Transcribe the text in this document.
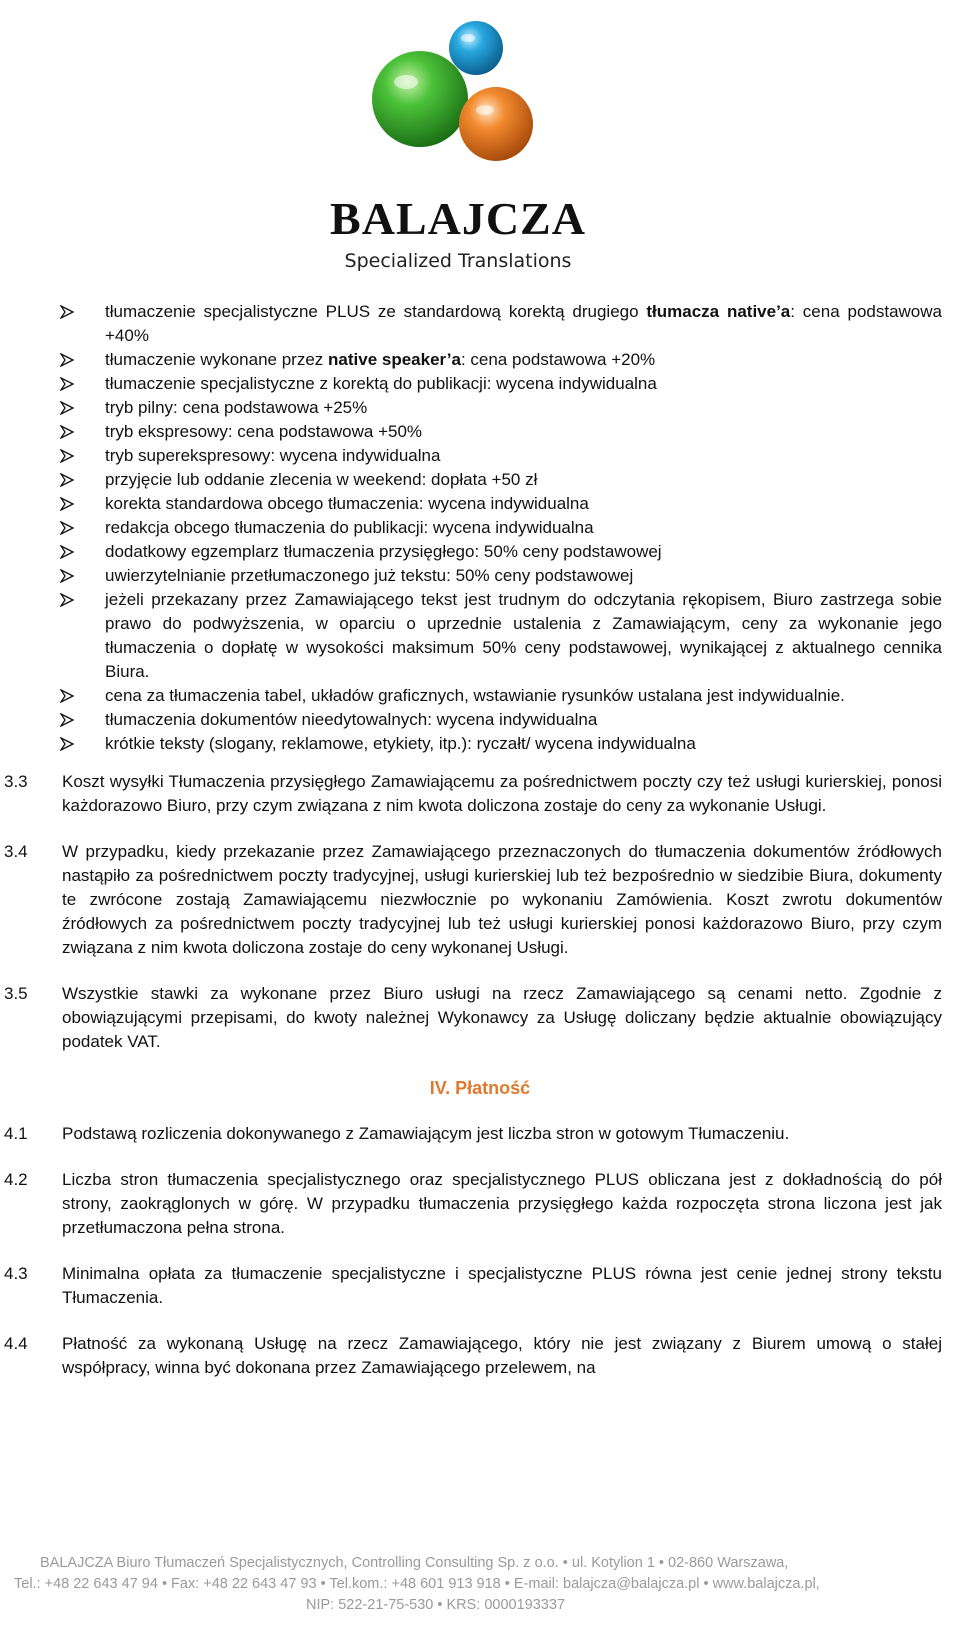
BALAJCZA
Specialized Translations
tłumaczenie specjalistyczne PLUS ze standardową korektą drugiego tłumacza native’a: cena podstawowa +40%
tłumaczenie wykonane przez native speaker’a: cena podstawowa +20%
tłumaczenie specjalistyczne z korektą do publikacji: wycena indywidualna
tryb pilny: cena podstawowa +25%
tryb ekspresowy: cena podstawowa +50%
tryb superekspresowy: wycena indywidualna
przyjęcie lub oddanie zlecenia w weekend: dopłata +50 zł
korekta standardowa obcego tłumaczenia: wycena indywidualna
redakcja obcego tłumaczenia do publikacji: wycena indywidualna
dodatkowy egzemplarz tłumaczenia przysięgłego: 50% ceny podstawowej
uwierzytelnianie przetłumaczonego już tekstu: 50% ceny podstawowej
jeżeli przekazany przez Zamawiającego tekst jest trudnym do odczytania rękopisem, Biuro zastrzega sobie prawo do podwyższenia, w oparciu o uprzednie ustalenia z Zamawiającym, ceny za wykonanie jego tłumaczenia o dopłatę w wysokości maksimum 50% ceny podstawowej, wynikającej z aktualnego cennika Biura.
cena za tłumaczenia tabel, układów graficznych, wstawianie rysunków ustalana jest indywidualnie.
tłumaczenia dokumentów nieedytowalnych: wycena indywidualna
krótkie teksty (slogany, reklamowe, etykiety, itp.): ryczałt/ wycena indywidualna
3.3 Koszt wysyłki Tłumaczenia przysięgłego Zamawiającemu za pośrednictwem poczty czy też usługi kurierskiej, ponosi każdorazowo Biuro, przy czym związana z nim kwota doliczona zostaje do ceny za wykonanie Usługi.
3.4 W przypadku, kiedy przekazanie przez Zamawiającego przeznaczonych do tłumaczenia dokumentów źródłowych nastąpiło za pośrednictwem poczty tradycyjnej, usługi kurierskiej lub też bezpośrednio w siedzibie Biura, dokumenty te zwrócone zostają Zamawiającemu niezwłocznie po wykonaniu Zamówienia. Koszt zwrotu dokumentów źródłowych za pośrednictwem poczty tradycyjnej lub też usługi kurierskiej ponosi każdorazowo Biuro, przy czym związana z nim kwota doliczona zostaje do ceny wykonanej Usługi.
3.5 Wszystkie stawki za wykonane przez Biuro usługi na rzecz Zamawiającego są cenami netto. Zgodnie z obowiązującymi przepisami, do kwoty należnej Wykonawcy za Usługę doliczany będzie aktualnie obowiązujący podatek VAT.
IV. Płatność
4.1 Podstawą rozliczenia dokonywanego z Zamawiającym jest liczba stron w gotowym Tłumaczeniu.
4.2 Liczba stron tłumaczenia specjalistycznego oraz specjalistycznego PLUS obliczana jest z dokładnością do pół strony, zaokrąglonych w górę. W przypadku tłumaczenia przysięgłego każda rozpoczęta strona liczona jest jak przetłumaczona pełna strona.
4.3 Minimalna opłata za tłumaczenie specjalistyczne i specjalistyczne PLUS równa jest cenie jednej strony tekstu Tłumaczenia.
4.4 Płatność za wykonaną Usługę na rzecz Zamawiającego, który nie jest związany z Biurem umową o stałej współpracy, winna być dokonana przez Zamawiającego przelewem, na
BALAJCZA Biuro Tłumaczeń Specjalistycznych, Controlling Consulting Sp. z o.o. • ul. Kotylion 1 • 02-860 Warszawa,
Tel.: +48 22 643 47 94 • Fax: +48 22 643 47 93 • Tel.kom.: +48 601 913 918 • E-mail: balajcza@balajcza.pl • www.balajcza.pl,
NIP: 522-21-75-530 • KRS: 0000193337
